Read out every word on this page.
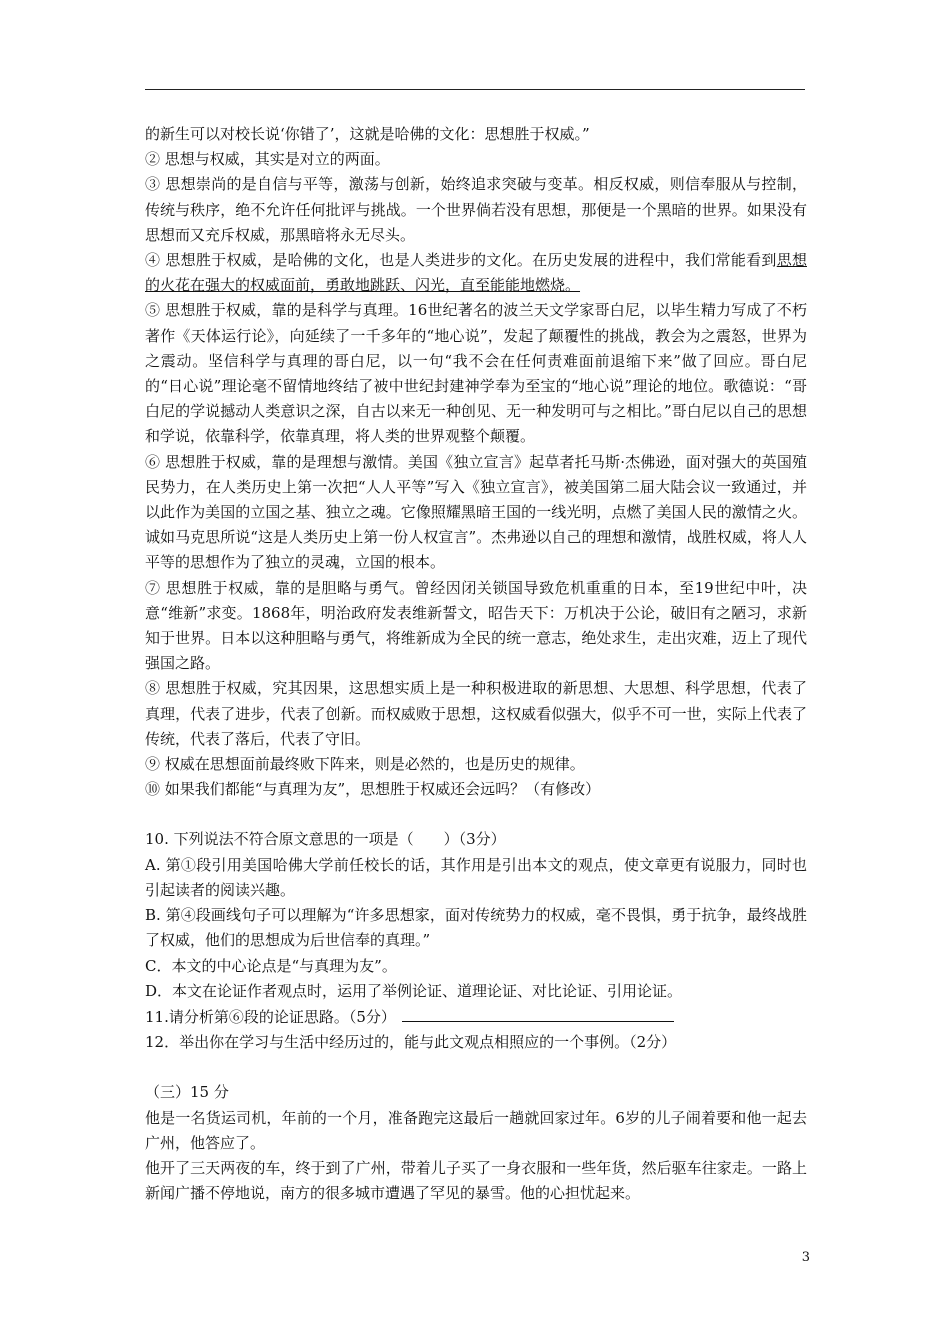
的新生可以对校长说‘你错了’，这就是哈佛的文化：思想胜于权威。”

② 思想与权威，其实是对立的两面。

③ 思想崇尚的是自信与平等，激荡与创新，始终追求突破与变革。相反权威，则信奉服从与控制，传统与秩序，绝不允许任何批评与挑战。一个世界倘若没有思想，那便是一个黑暗的世界。如果没有思想而又充斥权威，那黑暗将永无尽头。

④ 思想胜于权威，是哈佛的文化，也是人类进步的文化。在历史发展的进程中，我们常能看到思想的火花在强大的权威面前，勇敢地跳跃、闪光，直至能能地燃烧。

⑤ 思想胜于权威，靠的是科学与真理。16世纪著名的波兰天文学家哥白尼，以毕生精力写成了不朽著作《天体运行论》，向延续了一千多年的“地心说”，发起了颠覆性的挑战，教会为之震怒，世界为之震动。坚信科学与真理的哥白尼，以一句“我不会在任何责难面前退缩下来”做了回应。哥白尼的“日心说”理论毫不留情地终结了被中世纪封建神学奉为至宝的“地心说”理论的地位。歌德说：“哥白尼的学说撼动人类意识之深，自古以来无一种创见、无一种发明可与之相比。”哥白尼以自己的思想和学说，依靠科学，依靠真理，将人类的世界观整个颠覆。

⑥ 思想胜于权威，靠的是理想与激情。美国《独立宣言》起草者托马斯·杰佛逊，面对强大的英国殖民势力，在人类历史上第一次把“人人平等”写入《独立宣言》，被美国第二届大陆会议一致通过，并以此作为美国的立国之基、独立之魂。它像照耀黑暗王国的一线光明，点燃了美国人民的激情之火。诚如马克思所说“这是人类历史上第一份人权宣言”。杰弗逊以自己的理想和激情，战胜权威，将人人平等的思想作为了独立的灵魂，立国的根本。

⑦ 思想胜于权威，靠的是胆略与勇气。曾经因闭关锁国导致危机重重的日本，至19世纪中叶，决意“维新”求变。1868年，明治政府发表维新誓文，昭告天下：万机决于公论，破旧有之陋习，求新知于世界。日本以这种胆略与勇气，将维新成为全民的统一意志，绝处求生，走出灾难，迈上了现代强国之路。

⑧ 思想胜于权威，究其因果，这思想实质上是一种积极进取的新思想、大思想、科学思想，代表了真理，代表了进步，代表了创新。而权威败于思想，这权威看似强大，似乎不可一世，实际上代表了传统，代表了落后，代表了守旧。

⑨ 权威在思想面前最终败下阵来，则是必然的，也是历史的规律。

⑩ 如果我们都能“与真理为友”，思想胜于权威还会远吗？（有修改）

10. 下列说法不符合原文意思的一项是（　　）（3分）

A. 第①段引用美国哈佛大学前任校长的话，其作用是引出本文的观点，使文章更有说服力，同时也引起读者的阅读兴趣。

B. 第④段画线句子可以理解为“许多思想家，面对传统势力的权威，毫不畏惧，勇于抗争，最终战胜了权威，他们的思想成为后世信奉的真理。”

C．本文的中心论点是“与真理为友”。

D．本文在论证作者观点时，运用了举例论证、道理论证、对比论证、引用论证。

11.请分析第⑥段的论证思路。（5分）

12．举出你在学习与生活中经历过的，能与此文观点相照应的一个事例。（2分）

（三）15 分

他是一名货运司机，年前的一个月，准备跑完这最后一趟就回家过年。6岁的儿子闹着要和他一起去广州，他答应了。

他开了三天两夜的车，终于到了广州，带着儿子买了一身衣服和一些年货，然后驱车往家走。一路上新闻广播不停地说，南方的很多城市遭遇了罕见的暴雪。他的心担忧起来。

3
